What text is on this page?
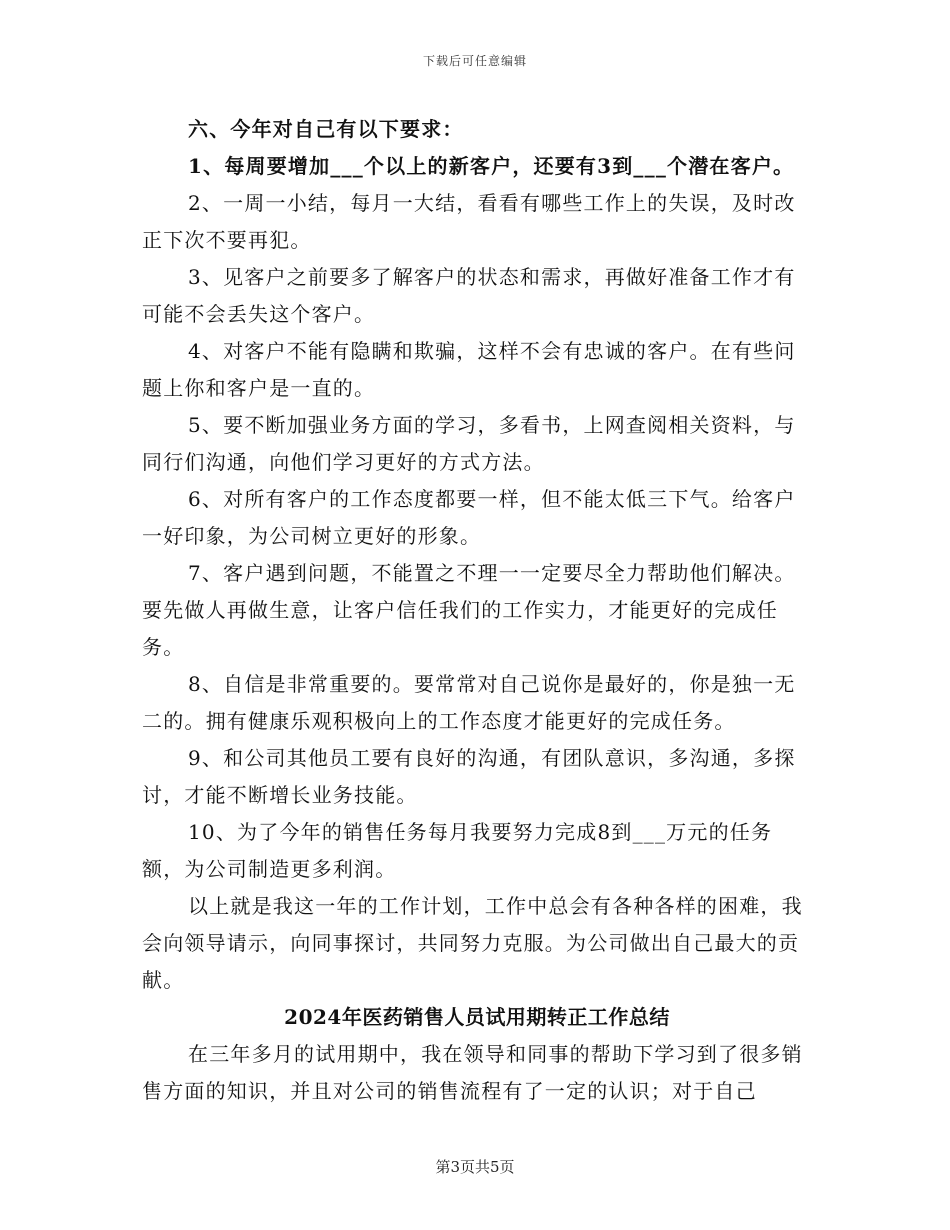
下载后可任意编辑

六、今年对自己有以下要求：

1、每周要增加___个以上的新客户，还要有3到___个潜在客户。

2、一周一小结，每月一大结，看看有哪些工作上的失误，及时改正下次不要再犯。

3、见客户之前要多了解客户的状态和需求，再做好准备工作才有可能不会丢失这个客户。

4、对客户不能有隐瞒和欺骗，这样不会有忠诚的客户。在有些问题上你和客户是一直的。

5、要不断加强业务方面的学习，多看书，上网查阅相关资料，与同行们沟通，向他们学习更好的方式方法。

6、对所有客户的工作态度都要一样，但不能太低三下气。给客户一好印象，为公司树立更好的形象。

7、客户遇到问题，不能置之不理一一定要尽全力帮助他们解决。要先做人再做生意，让客户信任我们的工作实力，才能更好的完成任务。

8、自信是非常重要的。要常常对自己说你是最好的，你是独一无二的。拥有健康乐观积极向上的工作态度才能更好的完成任务。

9、和公司其他员工要有良好的沟通，有团队意识，多沟通，多探讨，才能不断增长业务技能。

10、为了今年的销售任务每月我要努力完成8到___万元的任务额，为公司制造更多利润。

以上就是我这一年的工作计划，工作中总会有各种各样的困难，我会向领导请示，向同事探讨，共同努力克服。为公司做出自己最大的贡献。

2024年医药销售人员试用期转正工作总结

在三年多月的试用期中，我在领导和同事的帮助下学习到了很多销售方面的知识，并且对公司的销售流程有了一定的认识；对于自己

第3页共5页
